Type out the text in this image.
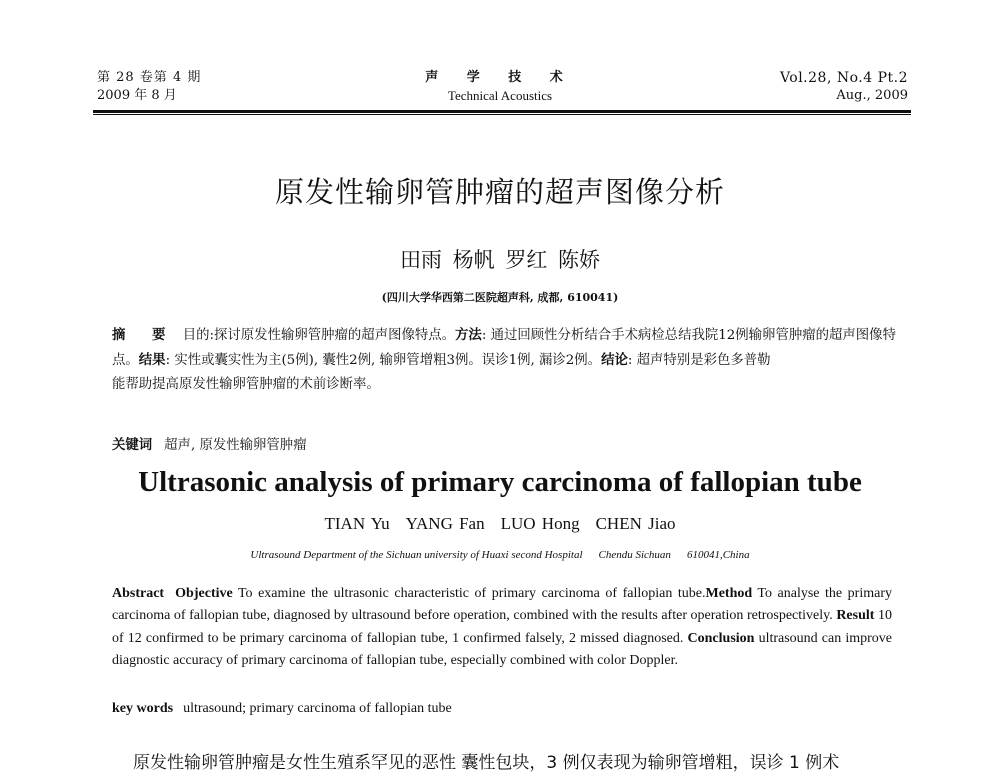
第 28 卷第 4 期
2009 年 8 月
声 学 技 术
Technical Acoustics
Vol.28, No.4 Pt.2
Aug., 2009
原发性输卵管肿瘤的超声图像分析
田雨 杨帆 罗红 陈娇
(四川大学华西第二医院超声科, 成都, 610041)
摘 要 目的:探讨原发性输卵管肿瘤的超声图像特点。方法: 通过回顾性分析结合手术病检总结我院12例输卵管肿瘤的超声图像特点。结果: 实性或囊实性为主(5例), 囊性2例, 输卵管增粗3例。误诊1例, 漏诊2例。结论: 超声特别是彩色多普勒
能帮助提高原发性输卵管肿瘤的术前诊断率。
关键词 超声, 原发性输卵管肿瘤
Ultrasonic analysis of primary carcinoma of fallopian tube
TIAN Yu YANG Fan LUO Hong CHEN Jiao
Ultrasound Department of the Sichuan university of Huaxi second Hospital Chendu Sichuan 610041,China
Abstract Objective To examine the ultrasonic characteristic of primary carcinoma of fallopian tube.Method To analyse the primary carcinoma of fallopian tube, diagnosed by ultrasound before operation, combined with the results after operation retrospectively. Result 10 of 12 confirmed to be primary carcinoma of fallopian tube, 1 confirmed falsely, 2 missed diagnosed. Conclusion ultrasound can improve diagnostic accuracy of primary carcinoma of fallopian tube, especially combined with color Doppler.
key words ultrasound; primary carcinoma of fallopian tube
原发性输卵管肿瘤是女性生殖系罕见的恶性 囊性包块，3 例仅表现为输卵管增粗，误诊 1 例术
